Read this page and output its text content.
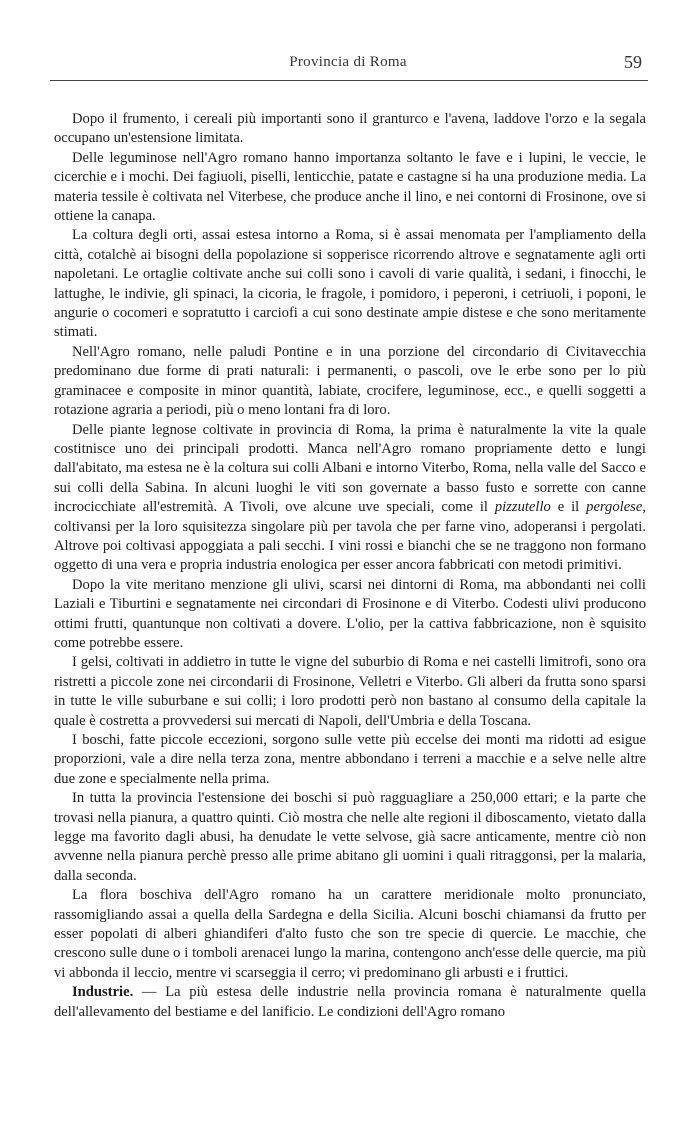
Provincia di Roma	59

Dopo il frumento, i cereali più importanti sono il granturco e l'avena, laddove l'orzo e la segala occupano un'estensione limitata.

Delle leguminose nell'Agro romano hanno importanza soltanto le fave e i lupini, le veccie, le cicerchie e i mochi. Dei fagiuoli, piselli, lenticchie, patate e castagne si ha una produzione media. La materia tessile è coltivata nel Viterbese, che produce anche il lino, e nei contorni di Frosinone, ove si ottiene la canapa.

La coltura degli orti, assai estesa intorno a Roma, si è assai menomata per l'ampliamento della città, cotalchè ai bisogni della popolazione si sopperisce ricorrendo altrove e segnatamente agli orti napoletani. Le ortaglie coltivate anche sui colli sono i cavoli di varie qualità, i sedani, i finocchi, le lattughe, le indivie, gli spinaci, la cicoria, le fragole, i pomidoro, i peperoni, i cetriuoli, i poponi, le angurie o cocomeri e sopratutto i carciofi a cui sono destinate ampie distese e che sono meritamente stimati.

Nell'Agro romano, nelle paludi Pontine e in una porzione del circondario di Civitavecchia predominano due forme di prati naturali: i permanenti, o pascoli, ove le erbe sono per lo più graminacee e composite in minor quantità, labiate, crocifere, leguminose, ecc., e quelli soggetti a rotazione agraria a periodi, più o meno lontani fra di loro.

Delle piante legnose coltivate in provincia di Roma, la prima è naturalmente la vite la quale costitnisce uno dei principali prodotti. Manca nell'Agro romano propriamente detto e lungi dall'abitato, ma estesa ne è la coltura sui colli Albani e intorno Viterbo, Roma, nella valle del Sacco e sui colli della Sabina. In alcuni luoghi le viti son governate a basso fusto e sorrette con canne incrocicchiate all'estremità. A Tivoli, ove alcune uve speciali, come il pizzutello e il pergolese, coltivansi per la loro squisitezza singolare più per tavola che per farne vino, adoperansi i pergolati. Altrove poi coltivasi appoggiata a pali secchi. I vini rossi e bianchi che se ne traggono non formano oggetto di una vera e propria industria enologica per esser ancora fabbricati con metodi primitivi.

Dopo la vite meritano menzione gli ulivi, scarsi nei dintorni di Roma, ma abbondanti nei colli Laziali e Tiburtini e segnatamente nei circondari di Frosinone e di Viterbo. Codesti ulivi producono ottimi frutti, quantunque non coltivati a dovere. L'olio, per la cattiva fabbricazione, non è squisito come potrebbe essere.

I gelsi, coltivati in addietro in tutte le vigne del suburbio di Roma e nei castelli limitrofi, sono ora ristretti a piccole zone nei circondarii di Frosinone, Velletri e Viterbo. Gli alberi da frutta sono sparsi in tutte le ville suburbane e sui colli; i loro prodotti però non bastano al consumo della capitale la quale è costretta a provvedersi sui mercati di Napoli, dell'Umbria e della Toscana.

I boschi, fatte piccole eccezioni, sorgono sulle vette più eccelse dei monti ma ridotti ad esigue proporzioni, vale a dire nella terza zona, mentre abbondano i terreni a macchie e a selve nelle altre due zone e specialmente nella prima.

In tutta la provincia l'estensione dei boschi si può ragguagliare a 250,000 ettari; e la parte che trovasi nella pianura, a quattro quinti. Ciò mostra che nelle alte regioni il diboscamento, vietato dalla legge ma favorito dagli abusi, ha denudate le vette selvose, già sacre anticamente, mentre ciò non avvenne nella pianura perchè presso alle prime abitano gli uomini i quali ritraggonsi, per la malaria, dalla seconda.

La flora boschiva dell'Agro romano ha un carattere meridionale molto pronunciato, rassomigliando assai a quella della Sardegna e della Sicilia. Alcuni boschi chiamansi da frutto per esser popolati di alberi ghiandiferi d'alto fusto che son tre specie di quercie. Le macchie, che crescono sulle dune o i tomboli arenacei lungo la marina, contengono anch'esse delle quercie, ma più vi abbonda il leccio, mentre vi scarseggia il cerro; vi predominano gli arbusti e i fruttici.

Industrie. — La più estesa delle industrie nella provincia romana è naturalmente quella dell'allevamento del bestiame e del lanificio. Le condizioni dell'Agro romano
